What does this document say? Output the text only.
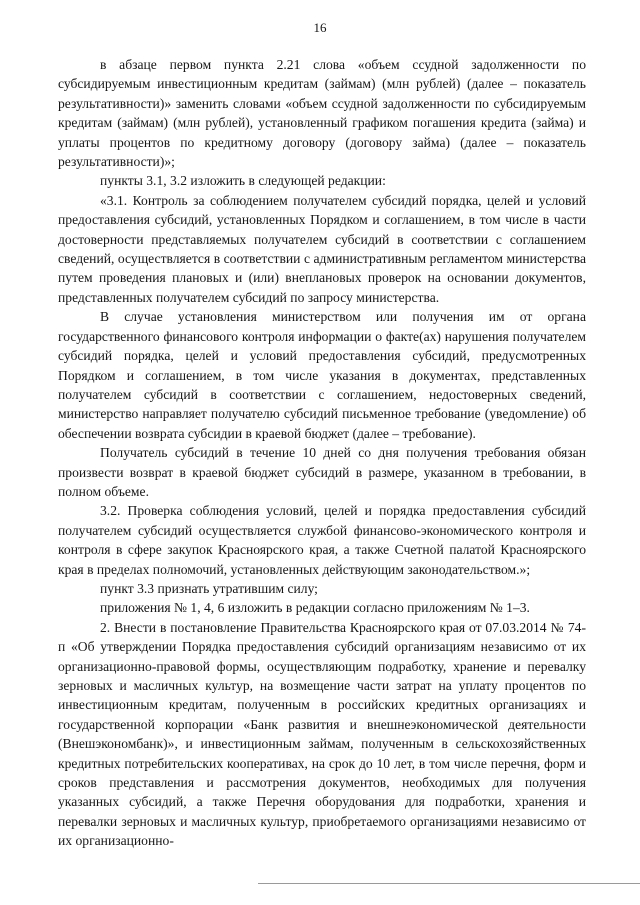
16

в абзаце первом пункта 2.21 слова «объем ссудной задолженности по субсидируемым инвестиционным кредитам (займам) (млн рублей) (далее – показатель результативности)» заменить словами «объем ссудной задолженности по субсидируемым кредитам (займам) (млн рублей), установленный графиком погашения кредита (займа) и уплаты процентов по кредитному договору (договору займа) (далее – показатель результативности)»;

пункты 3.1, 3.2 изложить в следующей редакции:

«3.1. Контроль за соблюдением получателем субсидий порядка, целей и условий предоставления субсидий, установленных Порядком и соглашением, в том числе в части достоверности представляемых получателем субсидий в соответствии с соглашением сведений, осуществляется в соответствии с административным регламентом министерства путем проведения плановых и (или) внеплановых проверок на основании документов, представленных получателем субсидий по запросу министерства.

В случае установления министерством или получения им от органа государственного финансового контроля информации о факте(ах) нарушения получателем субсидий порядка, целей и условий предоставления субсидий, предусмотренных Порядком и соглашением, в том числе указания в документах, представленных получателем субсидий в соответствии с соглашением, недостоверных сведений, министерство направляет получателю субсидий письменное требование (уведомление) об обеспечении возврата субсидии в краевой бюджет (далее – требование).

Получатель субсидий в течение 10 дней со дня получения требования обязан произвести возврат в краевой бюджет субсидий в размере, указанном в требовании, в полном объеме.

3.2. Проверка соблюдения условий, целей и порядка предоставления субсидий получателем субсидий осуществляется службой финансово-экономического контроля и контроля в сфере закупок Красноярского края, а также Счетной палатой Красноярского края в пределах полномочий, установленных действующим законодательством.»;

пункт 3.3 признать утратившим силу;

приложения № 1, 4, 6 изложить в редакции согласно приложениям № 1–3.

2. Внести в постановление Правительства Красноярского края от 07.03.2014 № 74-п «Об утверждении Порядка предоставления субсидий организациям независимо от их организационно-правовой формы, осуществляющим подработку, хранение и перевалку зерновых и масличных культур, на возмещение части затрат на уплату процентов по инвестиционным кредитам, полученным в российских кредитных организациях и государственной корпорации «Банк развития и внешнеэкономической деятельности (Внешэкономбанк)», и инвестиционным займам, полученным в сельскохозяйственных кредитных потребительских кооперативах, на срок до 10 лет, в том числе перечня, форм и сроков представления и рассмотрения документов, необходимых для получения указанных субсидий, а также Перечня оборудования для подработки, хранения и перевалки зерновых и масличных культур, приобретаемого организациями независимо от их организационно-
